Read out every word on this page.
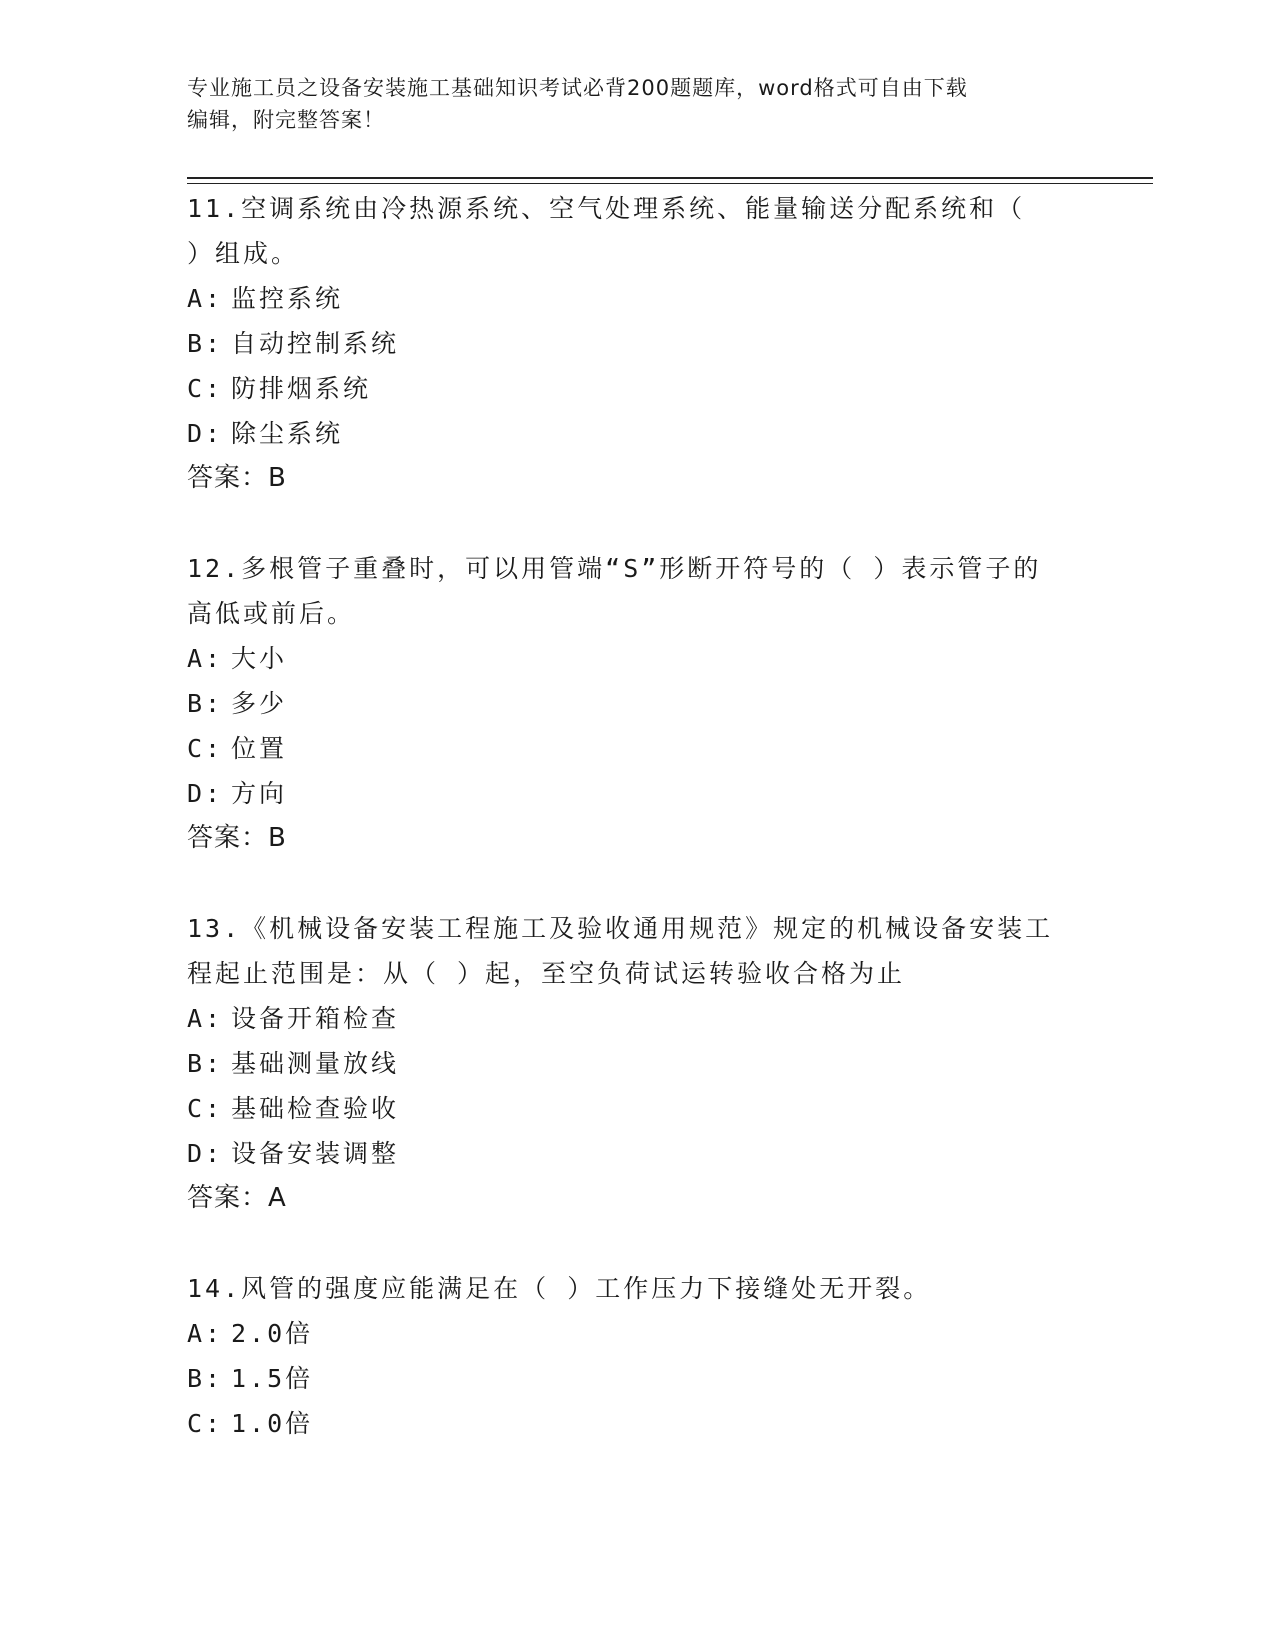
专业施工员之设备安装施工基础知识考试必背200题题库，word格式可自由下载
编辑，附完整答案！

11.空调系统由冷热源系统、空气处理系统、能量输送分配系统和（

）组成。

A: 监控系统

B: 自动控制系统

C: 防排烟系统

D: 除尘系统

答案：B

12.多根管子重叠时，可以用管端“S”形断开符号的（ ）表示管子的

高低或前后。

A: 大小

B: 多少

C: 位置

D: 方向

答案：B

13.《机械设备安装工程施工及验收通用规范》规定的机械设备安装工

程起止范围是：从（ ）起，至空负荷试运转验收合格为止

A: 设备开箱检查

B: 基础测量放线

C: 基础检查验收

D: 设备安装调整

答案：A

14.风管的强度应能满足在（ ）工作压力下接缝处无开裂。

A: 2.0倍

B: 1.5倍

C: 1.0倍
